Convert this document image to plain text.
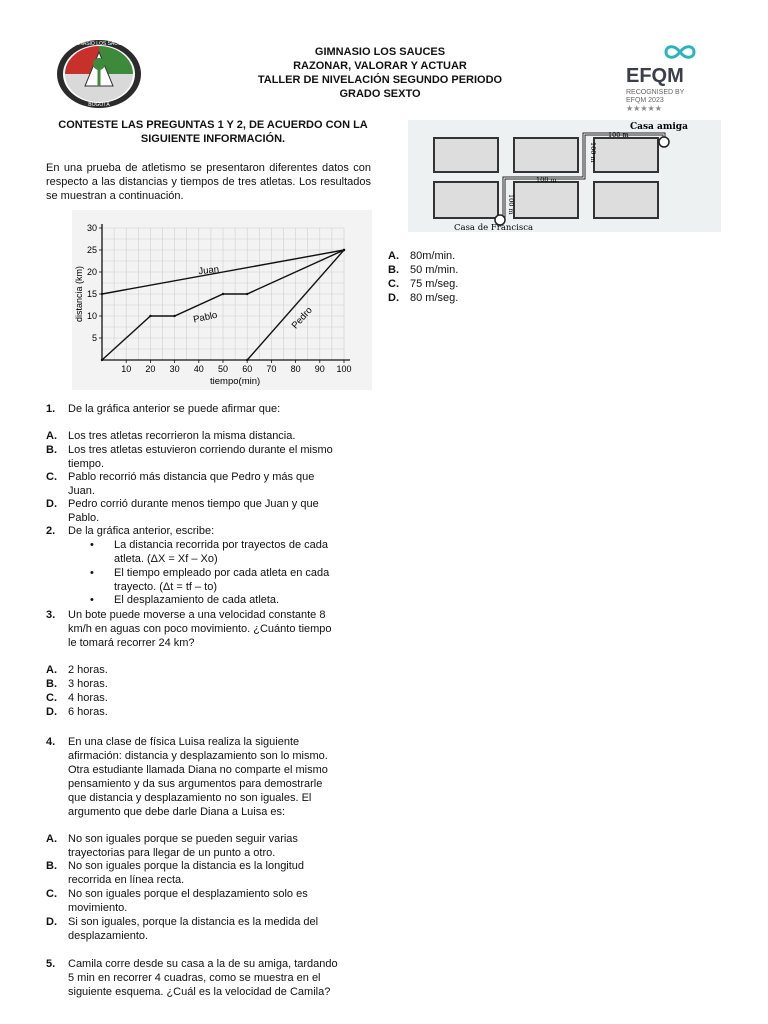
GIMNASIO LOS SAUCES
BOGOTÁ
GIMNASIO LOS SAUCES
RAZONAR, VALORAR Y ACTUAR
TALLER DE NIVELACIÓN SEGUNDO PERIODO
GRADO SEXTO
EFQM
RECOGNISED BY
EFQM 2023
★★★★★
CONTESTE LAS PREGUNTAS 1 Y 2, DE ACUERDO CON LA
SIGUIENTE INFORMACIÓN.
En una prueba de atletismo se presentaron diferentes datos con respecto a las distancias y tiempos de tres atletas. Los resultados se muestran a continuación.
10 20 30 40 50 60 70 80 90 100
5
10
15
20
25
30
tiempo(min)
distancia (km)	Juan
Pablo	Pedro
Casa amiga
100 m
100 m
100 m
100 m
Casa de Francisca
A. 80m/min.
B. 50 m/min.
C. 75 m/seg.
D. 80 m/seg.
1. De la gráfica anterior se puede afirmar que:
A. Los tres atletas recorrieron la misma distancia.
B. Los tres atletas estuvieron corriendo durante el mismo
tiempo.
C. Pablo recorrió más distancia que Pedro y más que
Juan.
D. Pedro corrió durante menos tiempo que Juan y que
Pablo.
2. De la gráfica anterior, escribe:
• La distancia recorrida por trayectos de cada
atleta. (ΔX = Xf – Xo)
• El tiempo empleado por cada atleta en cada
trayecto. (Δt = tf – to)
• El desplazamiento de cada atleta.
3. Un bote puede moverse a una velocidad constante 8
km/h en aguas con poco movimiento. ¿Cuánto tiempo
le tomará recorrer 24 km?
A. 2 horas.
B. 3 horas.
C. 4 horas.
D. 6 horas.
4. En una clase de física Luisa realiza la siguiente
afirmación: distancia y desplazamiento son lo mismo.
Otra estudiante llamada Diana no comparte el mismo
pensamiento y da sus argumentos para demostrarle
que distancia y desplazamiento no son iguales. El
argumento que debe darle Diana a Luisa es:
A. No son iguales porque se pueden seguir varias
trayectorias para llegar de un punto a otro.
B. No son iguales porque la distancia es la longitud
recorrida en línea recta.
C. No son iguales porque el desplazamiento solo es
movimiento.
D. Si son iguales, porque la distancia es la medida del
desplazamiento.
5. Camila corre desde su casa a la de su amiga, tardando
5 min en recorrer 4 cuadras, como se muestra en el
siguiente esquema. ¿Cuál es la velocidad de Camila?
